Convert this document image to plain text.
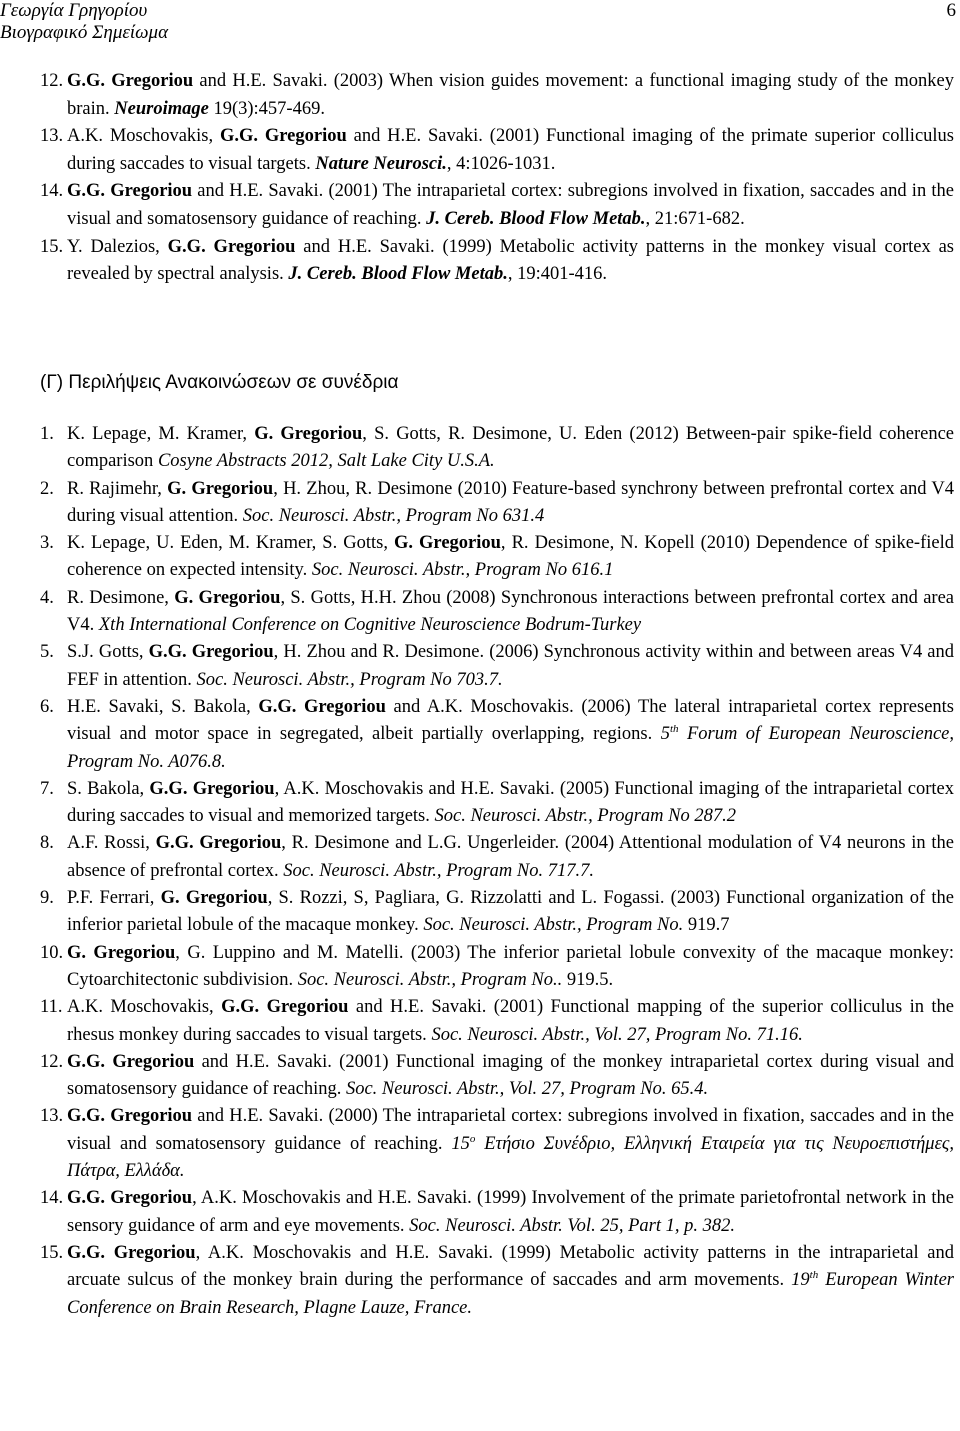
Γεωργία Γρηγορίου
Βιογραφικό Σημείωμα
6

12. G.G. Gregoriou and H.E. Savaki. (2003) When vision guides movement: a functional imaging study of the monkey brain. Neuroimage 19(3):457-469.

13. A.K. Moschovakis, G.G. Gregoriou and H.E. Savaki. (2001) Functional imaging of the primate superior colliculus during saccades to visual targets. Nature Neurosci., 4:1026-1031.

14. G.G. Gregoriou and H.E. Savaki. (2001) The intraparietal cortex: subregions involved in fixation, saccades and in the visual and somatosensory guidance of reaching. J. Cereb. Blood Flow Metab., 21:671-682.

15. Y. Dalezios, G.G. Gregoriou and H.E. Savaki. (1999) Metabolic activity patterns in the monkey visual cortex as revealed by spectral analysis. J. Cereb. Blood Flow Metab., 19:401-416.

(Γ) Περιλήψεις Ανακοινώσεων σε συνέδρια

1. K. Lepage, M. Kramer, G. Gregoriou, S. Gotts, R. Desimone, U. Eden (2012) Between-pair spike-field coherence comparison Cosyne Abstracts 2012, Salt Lake City U.S.A.

2. R. Rajimehr, G. Gregoriou, H. Zhou, R. Desimone (2010) Feature-based synchrony between prefrontal cortex and V4 during visual attention. Soc. Neurosci. Abstr., Program No 631.4

3. K. Lepage, U. Eden, M. Kramer, S. Gotts, G. Gregoriou, R. Desimone, N. Kopell (2010) Dependence of spike-field coherence on expected intensity. Soc. Neurosci. Abstr., Program No 616.1

4. R. Desimone, G. Gregoriou, S. Gotts, H.H. Zhou (2008) Synchronous interactions between prefrontal cortex and area V4. Xth International Conference on Cognitive Neuroscience Bodrum-Turkey

5. S.J. Gotts, G.G. Gregoriou, H. Zhou and R. Desimone. (2006) Synchronous activity within and between areas V4 and FEF in attention. Soc. Neurosci. Abstr., Program No 703.7.

6. H.E. Savaki, S. Bakola, G.G. Gregoriou and A.K. Moschovakis. (2006) The lateral intraparietal cortex represents visual and motor space in segregated, albeit partially overlapping, regions. 5th Forum of European Neuroscience, Program No. A076.8.

7. S. Bakola, G.G. Gregoriou, A.K. Moschovakis and H.E. Savaki. (2005) Functional imaging of the intraparietal cortex during saccades to visual and memorized targets. Soc. Neurosci. Abstr., Program No 287.2

8. A.F. Rossi, G.G. Gregoriou, R. Desimone and L.G. Ungerleider. (2004) Attentional modulation of V4 neurons in the absence of prefrontal cortex. Soc. Neurosci. Abstr., Program No. 717.7.

9. P.F. Ferrari, G. Gregoriou, S. Rozzi, S, Pagliara, G. Rizzolatti and L. Fogassi. (2003) Functional organization of the inferior parietal lobule of the macaque monkey. Soc. Neurosci. Abstr., Program No. 919.7

10. G. Gregoriou, G. Luppino and M. Matelli. (2003) The inferior parietal lobule convexity of the macaque monkey: Cytoarchitectonic subdivision. Soc. Neurosci. Abstr., Program No.. 919.5.

11. A.K. Moschovakis, G.G. Gregoriou and H.E. Savaki. (2001) Functional mapping of the superior colliculus in the rhesus monkey during saccades to visual targets. Soc. Neurosci. Abstr., Vol. 27, Program No. 71.16.

12. G.G. Gregoriou and H.E. Savaki. (2001) Functional imaging of the monkey intraparietal cortex during visual and somatosensory guidance of reaching. Soc. Neurosci. Abstr., Vol. 27, Program No. 65.4.

13. G.G. Gregoriou and H.E. Savaki. (2000) The intraparietal cortex: subregions involved in fixation, saccades and in the visual and somatosensory guidance of reaching. $15^o$ Ετήσιο Συνέδριο, Ελληνική Εταιρεία για τις Νευροεπιστήμες, Πάτρα, Ελλάδα.

14. G.G. Gregoriou, A.K. Moschovakis and H.E. Savaki. (1999) Involvement of the primate parietofrontal network in the sensory guidance of arm and eye movements. Soc. Neurosci. Abstr. Vol. 25, Part 1, p. 382.

15. G.G. Gregoriou, A.K. Moschovakis and H.E. Savaki. (1999) Metabolic activity patterns in the intraparietal and arcuate sulcus of the monkey brain during the performance of saccades and arm movements. 19th European Winter Conference on Brain Research, Plagne Lauze, France.
